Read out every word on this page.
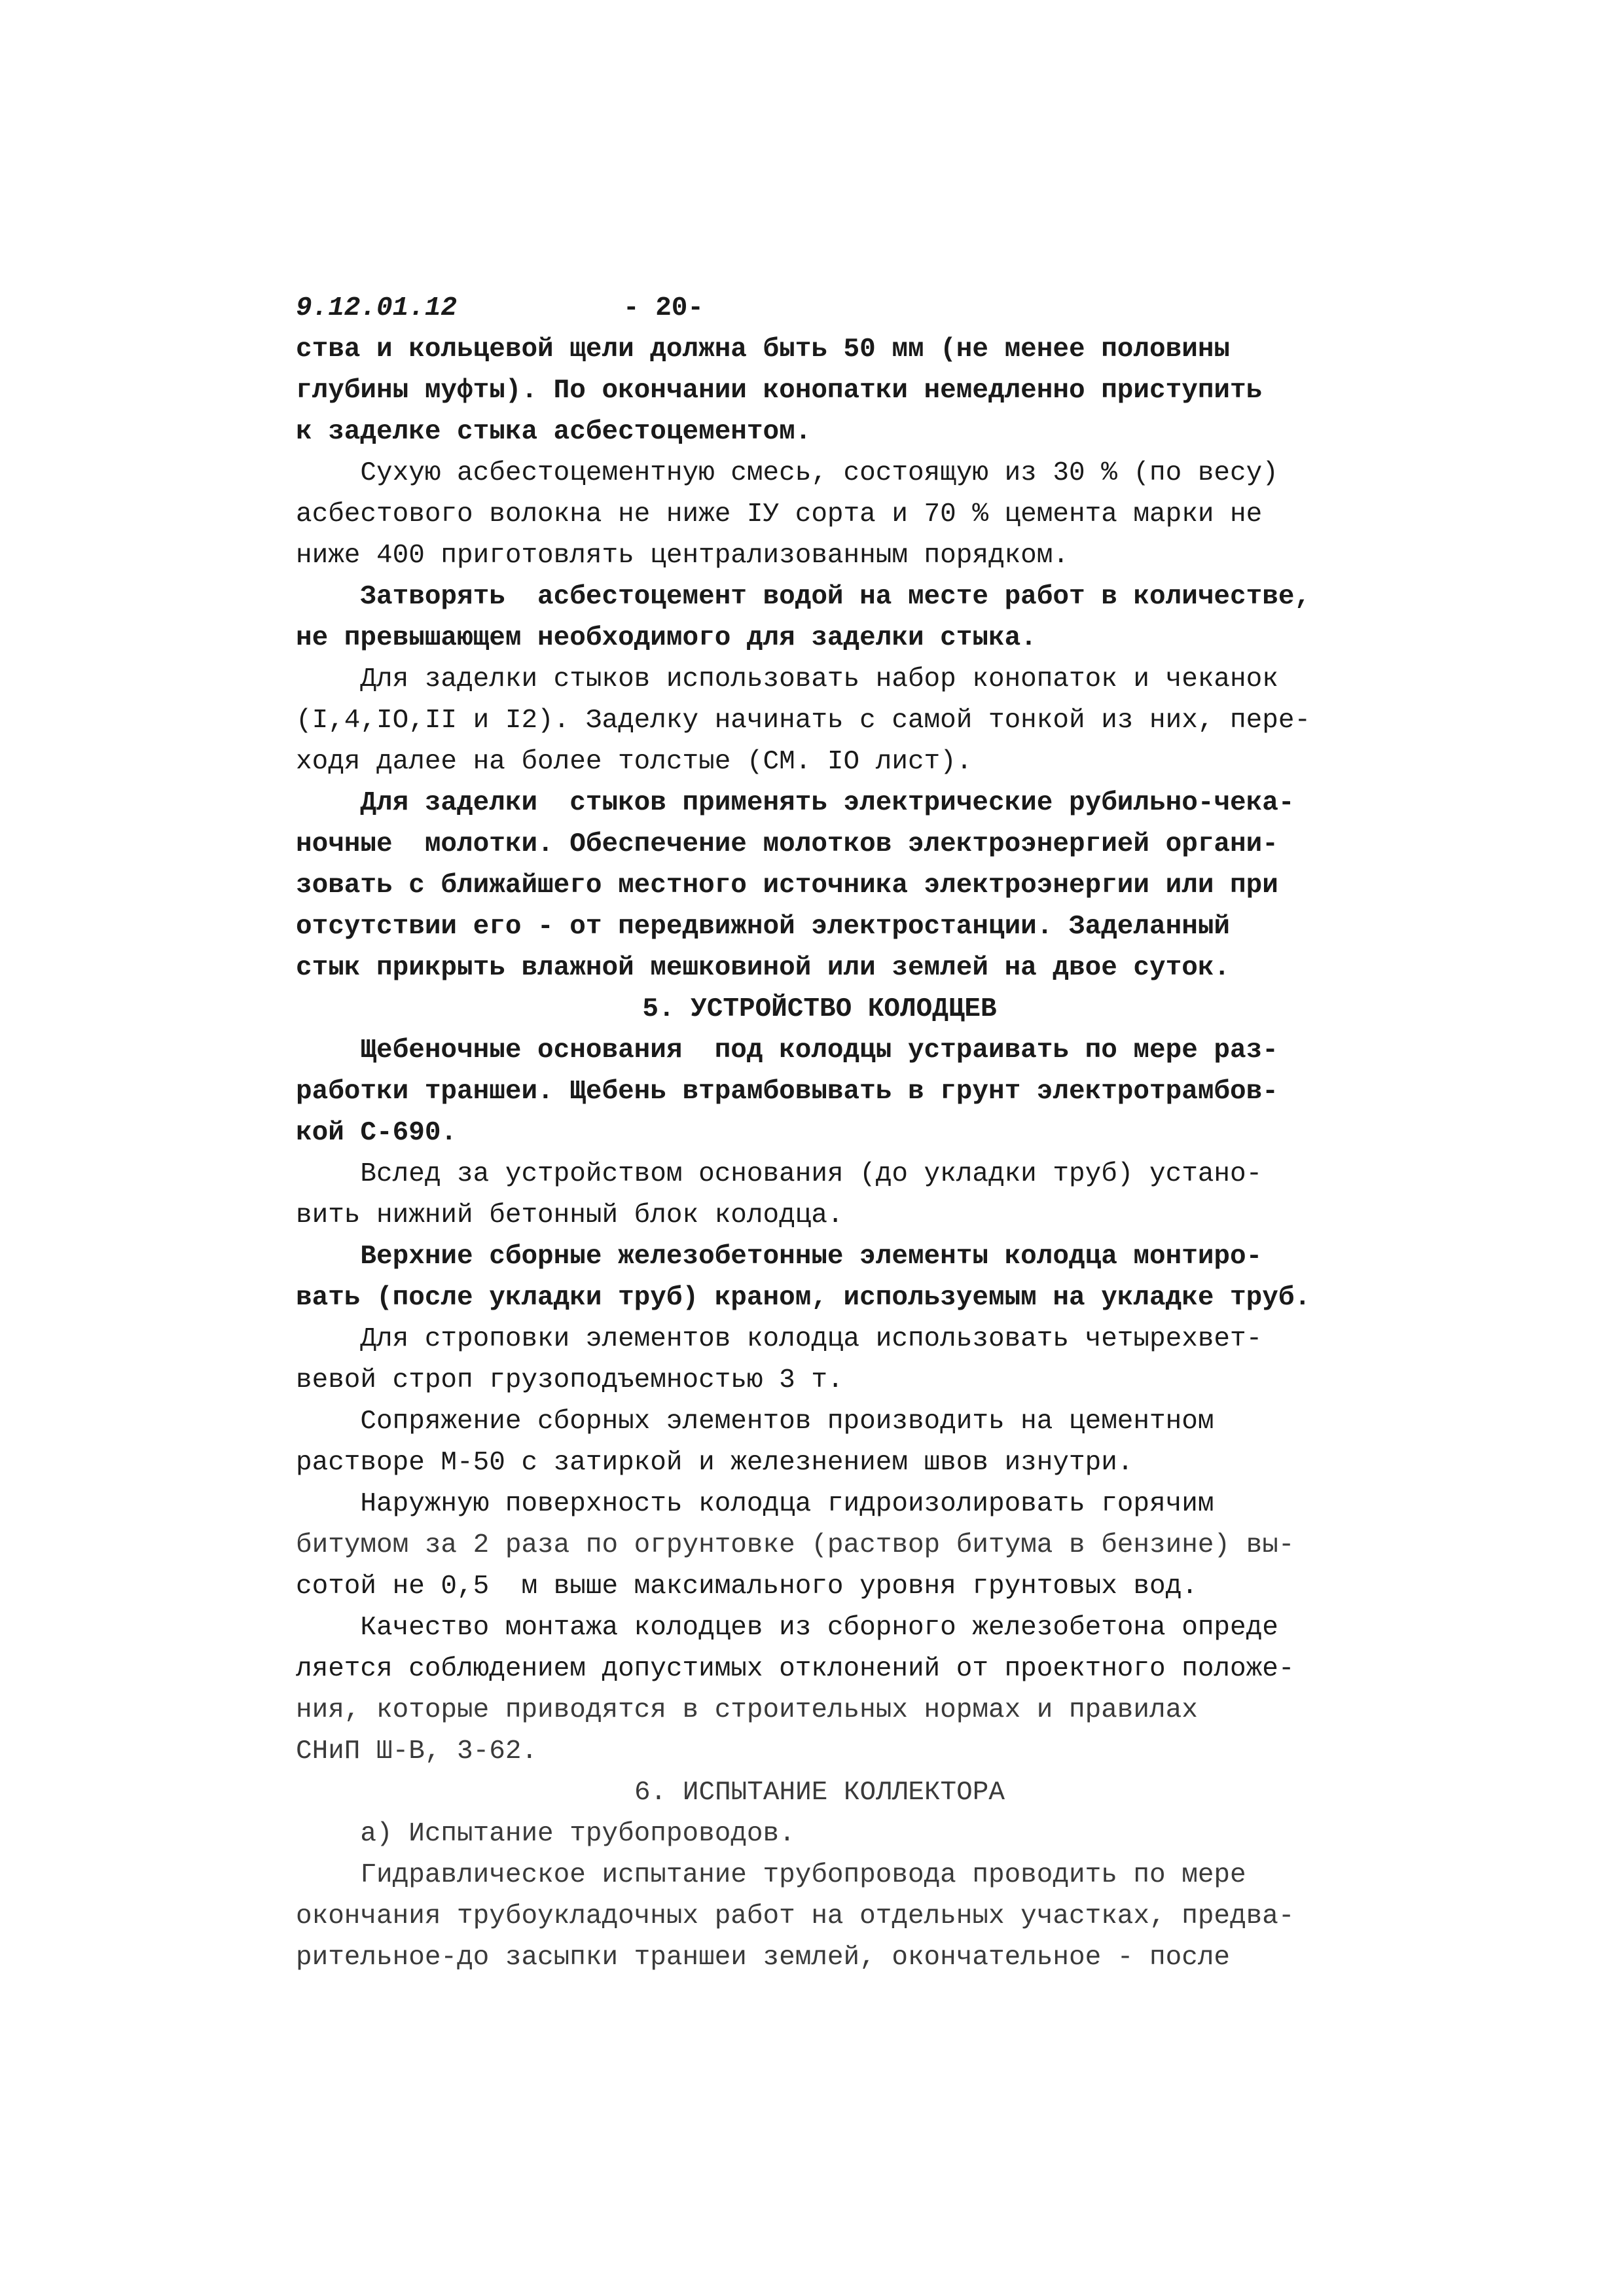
9.12.01.12	- 20-
ства и кольцевой щели должна быть 50 мм (не менее половины
глубины муфты). По окончании конопатки немедленно приступить
к заделке стыка асбестоцементом.
Сухую асбестоцементную смесь, состоящую из 30 % (по весу)
асбестового волокна не ниже IУ сорта и 70 % цемента марки не
ниже 400 приготовлять централизованным порядком.
Затворять  асбестоцемент водой на месте работ в количестве,
не превышающем необходимого для заделки стыка.
Для заделки стыков использовать набор конопаток и чеканок
(I,4,IO,II и I2). Заделку начинать с самой тонкой из них, пере-
ходя далее на более толстые (СМ. IO лист).
Для заделки  стыков применять электрические рубильно-чека-
ночные  молотки. Обеспечение молотков электроэнергией органи-
зовать с ближайшего местного источника электроэнергии или при
отсутствии его - от передвижной электростанции. Заделанный
стык прикрыть влажной мешковиной или землей на двое суток.
5. УСТРОЙСТВО КОЛОДЦЕВ
Щебеночные основания  под колодцы устраивать по мере раз-
работки траншеи. Щебень втрамбовывать в грунт электротрамбов-
кой С-690.
Вслед за устройством основания (до укладки труб) устано-
вить нижний бетонный блок колодца.
Верхние сборные железобетонные элементы колодца монтиро-
вать (после укладки труб) краном, используемым на укладке труб.
Для строповки элементов колодца использовать четырехвет-
вевой строп грузоподъемностью 3 т.
Сопряжение сборных элементов производить на цементном
растворе М-50 с затиркой и железнением швов изнутри.
Наружную поверхность колодца гидроизолировать горячим
битумом за 2 раза по огрунтовке (раствор битума в бензине) вы-
сотой не 0,5  м выше максимального уровня грунтовых вод.
Качество монтажа колодцев из сборного железобетона опреде
ляется соблюдением допустимых отклонений от проектного положе-
ния, которые приводятся в строительных нормах и правилах
СНиП Ш-В, 3-62.
6. ИСПЫТАНИЕ КОЛЛЕКТОРА
а) Испытание трубопроводов.
Гидравлическое испытание трубопровода проводить по мере
окончания трубоукладочных работ на отдельных участках, предва-
рительное-до засыпки траншеи землей, окончательное - после
